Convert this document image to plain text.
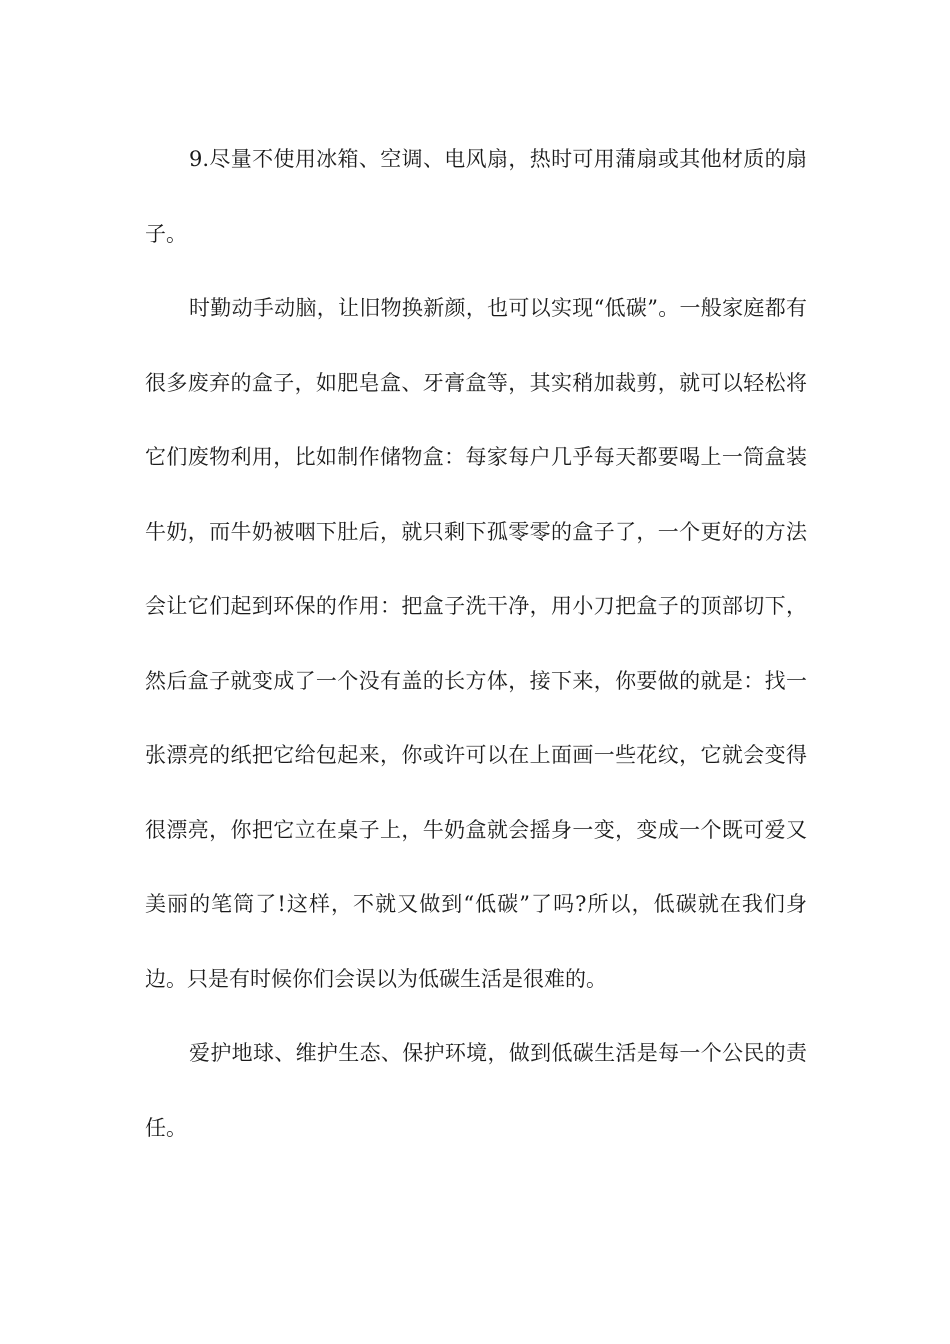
9.尽量不使用冰箱、空调、电风扇，热时可用蒲扇或其他材质的扇子。

时勤动手动脑，让旧物换新颜，也可以实现“低碳”。一般家庭都有很多废弃的盒子，如肥皂盒、牙膏盒等，其实稍加裁剪，就可以轻松将它们废物利用，比如制作储物盒：每家每户几乎每天都要喝上一筒盒装牛奶，而牛奶被咽下肚后，就只剩下孤零零的盒子了，一个更好的方法会让它们起到环保的作用：把盒子洗干净，用小刀把盒子的顶部切下，然后盒子就变成了一个没有盖的长方体，接下来，你要做的就是：找一张漂亮的纸把它给包起来，你或许可以在上面画一些花纹，它就会变得很漂亮，你把它立在桌子上，牛奶盒就会摇身一变，变成一个既可爱又美丽的笔筒了!这样，不就又做到“低碳”了吗?所以，低碳就在我们身边。只是有时候你们会误以为低碳生活是很难的。

爱护地球、维护生态、保护环境，做到低碳生活是每一个公民的责任。
